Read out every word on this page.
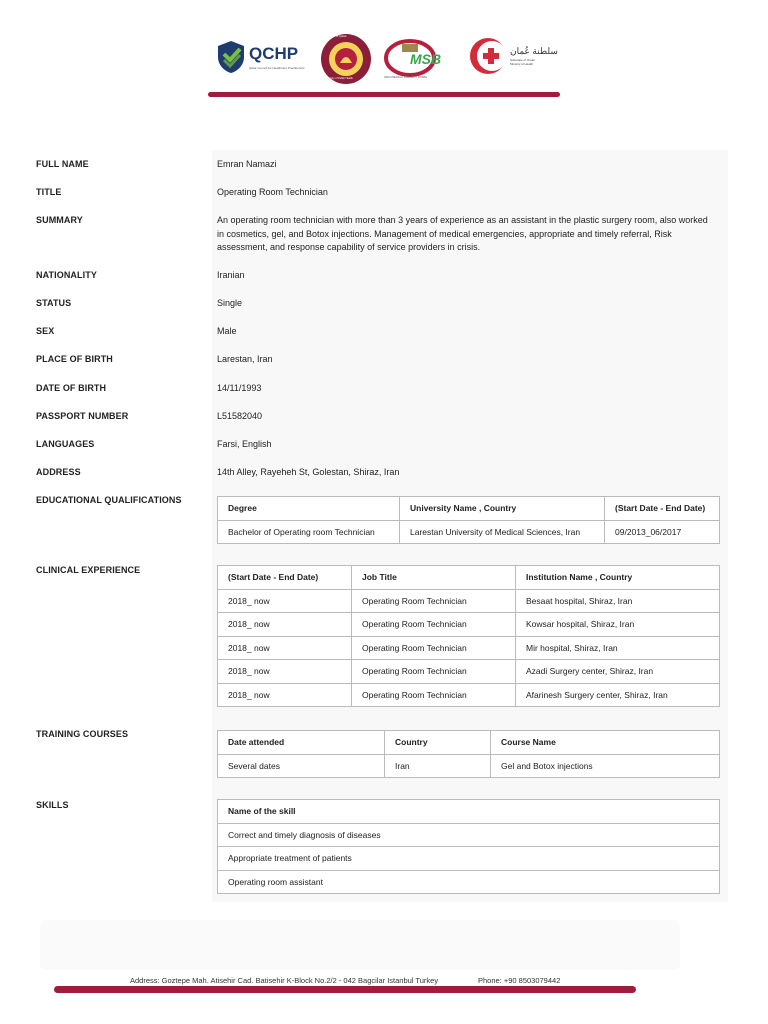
QCHP
Qatar Council for Healthcare Practitioners
State of Qatar
Ministry of Public Health
MSB
OMAN MEDICAL SPECIALTY BOARD
سلطنة عُمان
Sultanate of Oman
Ministry of Health
FULL NAME	Emran Namazi
TITLE	Operating Room Technician
SUMMARY	An operating room technician with more than 3 years of experience as an assistant in the plastic surgery room, also worked in cosmetics, gel, and Botox injections. Management of medical emergencies, appropriate and timely referral, Risk assessment, and response capability of service providers in crisis.
NATIONALITY	Iranian
STATUS	Single
SEX	Male
PLACE OF BIRTH	Larestan, Iran
DATE OF BIRTH	14/11/1993
PASSPORT NUMBER	L51582040
LANGUAGES	Farsi, English
ADDRESS	14th Alley, Rayeheh St, Golestan, Shiraz, Iran
EDUCATIONAL QUALIFICATIONS
Degree	University Name , Country	(Start Date - End Date)
Bachelor of Operating room Technician	Larestan University of Medical Sciences, Iran	09/2013_06/2017
CLINICAL EXPERIENCE
(Start Date - End Date)	Job Title	Institution Name , Country
2018_ now	Operating Room Technician	Besaat hospital, Shiraz, Iran
2018_ now	Operating Room Technician	Kowsar hospital, Shiraz, Iran
2018_ now	Operating Room Technician	Mir hospital, Shiraz, Iran
2018_ now	Operating Room Technician	Azadi Surgery center, Shiraz, Iran
2018_ now	Operating Room Technician	Afarinesh Surgery center, Shiraz, Iran
TRAINING COURSES
Date attended	Country	Course Name
Several dates	Iran	Gel and Botox injections
SKILLS
Name of the skill
Correct and timely diagnosis of diseases
Appropriate treatment of patients
Operating room assistant
Address: Goztepe Mah. Atisehir Cad. Batisehir K-Block No.2/2 - 042 Bagcilar Istanbul Turkey	Phone: +90 8503079442
